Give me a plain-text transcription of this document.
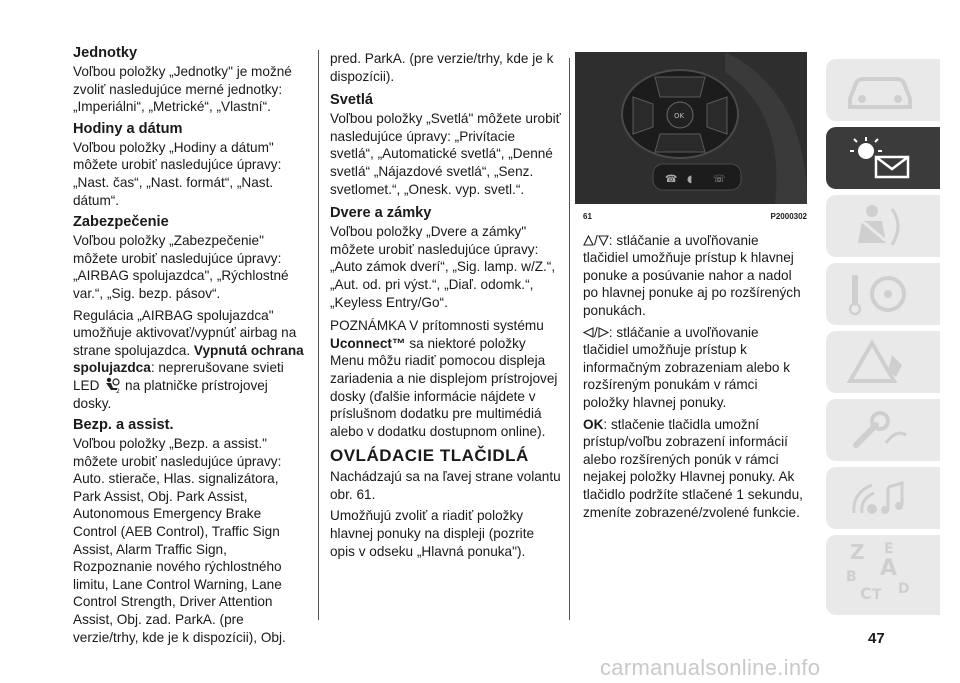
Jednotky

Voľbou položky „Jednotky" je možné zvoliť nasledujúce merné jednotky: „Imperiálni“, „Metrické“, „Vlastní“.

Hodiny a dátum

Voľbou položky „Hodiny a dátum" môžete urobiť nasledujúce úpravy: „Nast. čas“, „Nast. formát“, „Nast. dátum“.

Zabezpečenie

Voľbou položky „Zabezpečenie" môžete urobiť nasledujúce úpravy: „AIRBAG spolujazdca", „Rýchlostné var.“, „Sig. bezp. pásov“.

Regulácia „AIRBAG spolujazdca" umožňuje aktivovať/vypnúť airbag na strane spolujazdca. Vypnutá ochrana spolujazdca: neprerušovane svieti LED	2 na platničke prístrojovej dosky.

Bezp. a assist.

Voľbou položky „Bezp. a assist." môžete urobiť nasledujúce úpravy: Auto. stierače, Hlas. signalizátora, Park Assist, Obj. Park Assist, Autonomous Emergency Brake Control (AEB Control), Traffic Sign Assist, Alarm Traffic Sign, Rozpoznanie nového rýchlostného limitu, Lane Control Warning, Lane Control Strength, Driver Attention Assist, Obj. zad. ParkA. (pre verzie/trhy, kde je k dispozícii), Obj.

pred. ParkA. (pre verzie/trhy, kde je k dispozícii).

Svetlá

Voľbou položky „Svetlá" môžete urobiť nasledujúce úpravy: „Privítacie svetlá“, „Automatické svetlá“, „Denné svetlá“ „Nájazdové svetlá“, „Senz. svetlomet.“, „Onesk. vyp. svetl.“.

Dvere a zámky

Voľbou položky „Dvere a zámky" môžete urobiť nasledujúce úpravy: „Auto zámok dverí“, „Sig. lamp. w/Z.“, „Aut. od. pri výst.“, „Diaľ. odomk.“, „Keyless Entry/Go“.

POZNÁMKA V prítomnosti systému Uconnect™ sa niektoré položky Menu môžu riadiť pomocou displeja zariadenia a nie displejom prístrojovej dosky (ďalšie informácie nájdete v príslušnom dodatku pre multimédiá alebo v dodatku dostupnom online).

OVLÁDACIE TLAČIDLÁ

Nachádzajú sa na ľavej strane volantu obr. 61.

Umožňujú zvoliť a riadiť položky hlavnej ponuky na displeji (pozrite opis v odseku „Hlavná ponuka").

OK
☎ ◖ ☏
61	P2000302

/ : stláčanie a uvoľňovanie tlačidiel umožňuje prístup k hlavnej ponuke a posúvanie nahor a nadol po hlavnej ponuke aj po rozšírených ponukách.

/ : stláčanie a uvoľňovanie tlačidiel umožňuje prístup k informačným zobrazeniam alebo k rozšíreným ponukám v rámci položky hlavnej ponuky.

OK: stlačenie tlačidla umožní prístup/voľbu zobrazení informácií alebo rozšírených ponúk v rámci nejakej položky Hlavnej ponuky. Ak tlačidlo podržíte stlačené 1 sekundu, zmeníte zobrazené/zvolené funkcie.

Z E
A
B
C T D
47
carmanualsonline.info
